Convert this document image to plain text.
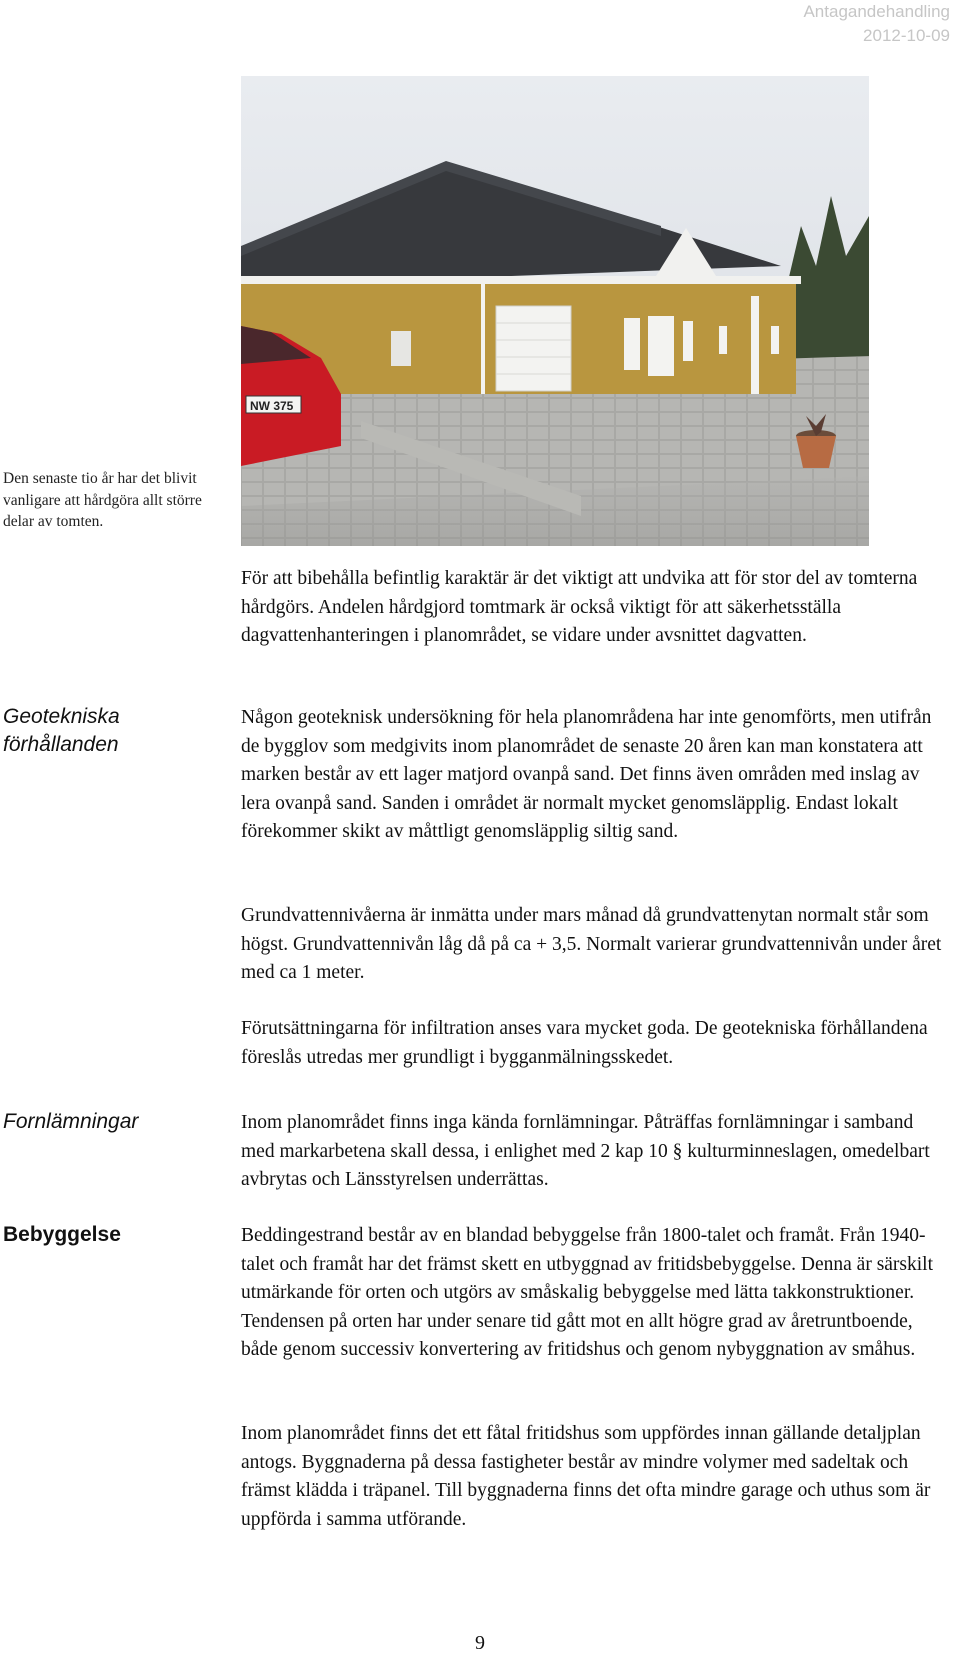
Antagandehandling
2012-10-09
NW 375
Den senaste tio år har det blivit vanligare att hårdgöra allt större delar av tomten.

För att bibehålla befintlig karaktär är det viktigt att undvika att för stor del av tomterna hårdgörs. Andelen hårdgjord tomtmark är också viktigt för att säkerhetsställa dagvattenhanteringen i planområdet, se vidare under avsnittet dagvatten.

Geotekniska förhållanden

Någon geoteknisk undersökning för hela planområdena har inte genomförts, men utifrån de bygglov som medgivits inom planområdet de senaste 20 åren kan man konstatera att marken består av ett lager matjord ovanpå sand. Det finns även områden med inslag av lera ovanpå sand. Sanden i området är normalt mycket genomsläpplig. Endast lokalt förekommer skikt av måttligt genomsläpplig siltig sand.

Grundvattennivåerna är inmätta under mars månad då grundvattenytan normalt står som högst. Grundvattennivån låg då på ca + 3,5. Normalt varierar grundvattennivån under året med ca 1 meter.

Förutsättningarna för infiltration anses vara mycket goda. De geotekniska förhållandena föreslås utredas mer grundligt i bygganmälningsskedet.

Fornlämningar	Inom planområdet finns inga kända fornlämningar. Påträffas fornlämningar i samband med markarbetena skall dessa, i enlighet med 2 kap 10 § kulturminneslagen, omedelbart avbrytas och Länsstyrelsen underrättas.

Bebyggelse	Beddingestrand består av en blandad bebyggelse från 1800-talet och framåt. Från 1940-talet och framåt har det främst skett en utbyggnad av fritidsbebyggelse. Denna är särskilt utmärkande för orten och utgörs av småskalig bebyggelse med lätta takkonstruktioner. Tendensen på orten har under senare tid gått mot en allt högre grad av åretruntboende, både genom successiv konvertering av fritidshus och genom nybyggnation av småhus.

Inom planområdet finns det ett fåtal fritidshus som uppfördes innan gällande detaljplan antogs. Byggnaderna på dessa fastigheter består av mindre volymer med sadeltak och främst klädda i träpanel. Till byggnaderna finns det ofta mindre garage och uthus som är uppförda i samma utförande.

9
